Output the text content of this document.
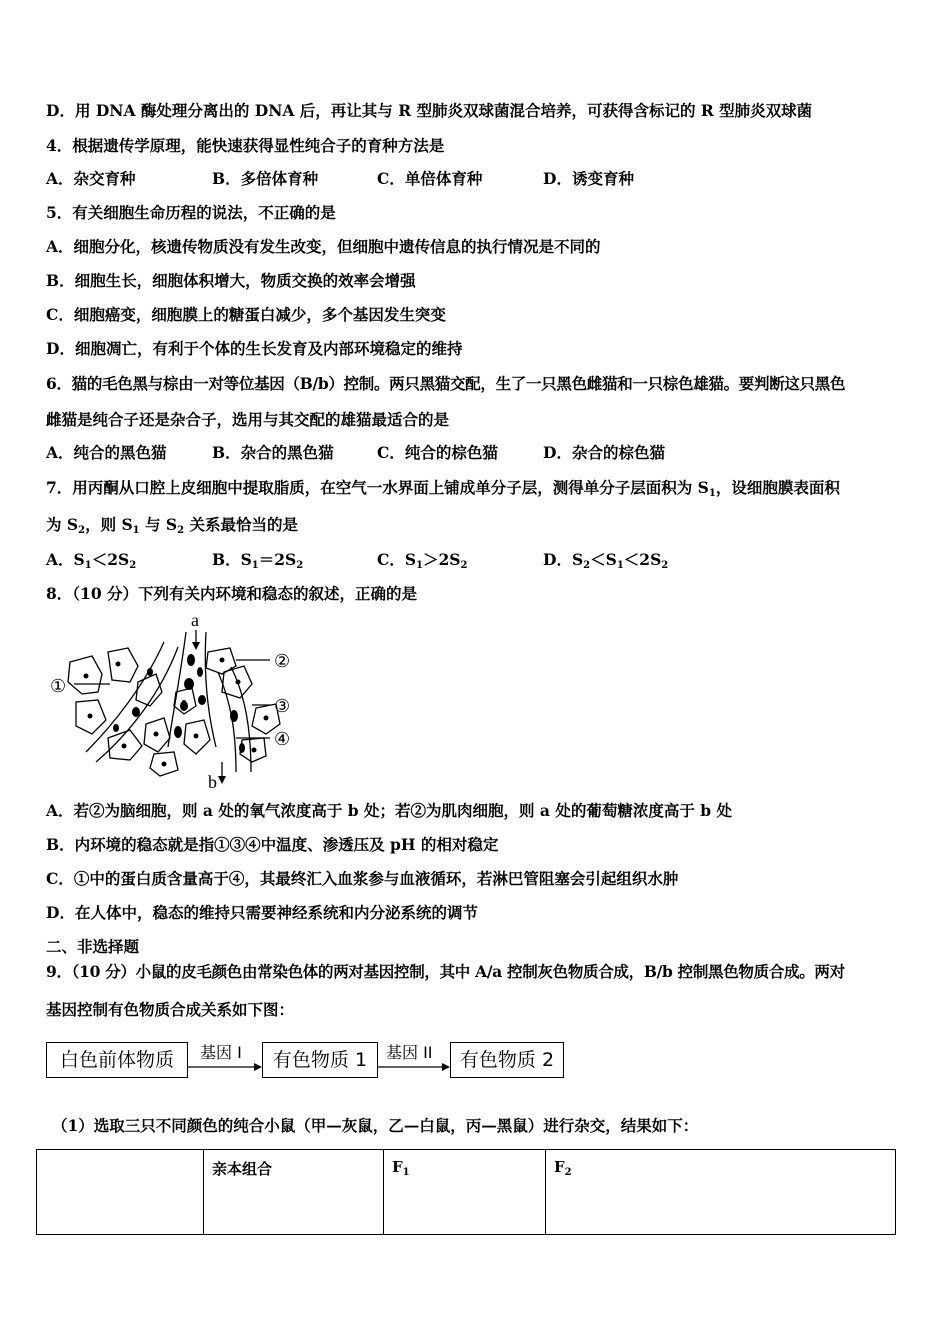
D．用 DNA 酶处理分离出的 DNA 后，再让其与 R 型肺炎双球菌混合培养，可获得含标记的 R 型肺炎双球菌
4．根据遗传学原理，能快速获得显性纯合子的育种方法是
A．杂交育种	B．多倍体育种	C．单倍体育种	D．诱变育种
5．有关细胞生命历程的说法，不正确的是
A．细胞分化，核遗传物质没有发生改变，但细胞中遗传信息的执行情况是不同的
B．细胞生长，细胞体积增大，物质交换的效率会增强
C．细胞癌变，细胞膜上的糖蛋白减少，多个基因发生突变
D．细胞凋亡，有利于个体的生长发育及内部环境稳定的维持
6．猫的毛色黑与棕由一对等位基因（B/b）控制。两只黑猫交配，生了一只黑色雌猫和一只棕色雄猫。要判断这只黑色
雌猫是纯合子还是杂合子，选用与其交配的雄猫最适合的是
A．纯合的黑色猫	B．杂合的黑色猫	C．纯合的棕色猫	D．杂合的棕色猫
7．用丙酮从口腔上皮细胞中提取脂质，在空气一水界面上铺成单分子层，测得单分子层面积为 $S_1$，设细胞膜表面积
为 $S_2$，则 $S_1$ 与 $S_2$ 关系最恰当的是
A．$S_1<2S_2$	B．$S_1=2S_2$	C．$S_1>2S_2$	D．$S_2<S_1<2S_2$
8．（10 分）下列有关内环境和稳态的叙述，正确的是
a
b
①
②
③
④
A．若②为脑细胞，则 a 处的氧气浓度高于 b 处；若②为肌肉细胞，则 a 处的葡萄糖浓度高于 b 处
B．内环境的稳态就是指①③④中温度、渗透压及 pH 的相对稳定
C．①中的蛋白质含量高于④，其最终汇入血浆参与血液循环，若淋巴管阻塞会引起组织水肿
D．在人体中，稳态的维持只需要神经系统和内分泌系统的调节
二、非选择题
9．（10 分）小鼠的皮毛颜色由常染色体的两对基因控制，其中 A/a 控制灰色物质合成，B/b 控制黑色物质合成。两对
基因控制有色物质合成关系如下图：
白色前体物质	基因 I	有色物质 1	基因 II	有色物质 2
（1）选取三只不同颜色的纯合小鼠（甲—灰鼠，乙—白鼠，丙—黑鼠）进行杂交，结果如下：
	亲本组合	$F_1$	$F_2$
